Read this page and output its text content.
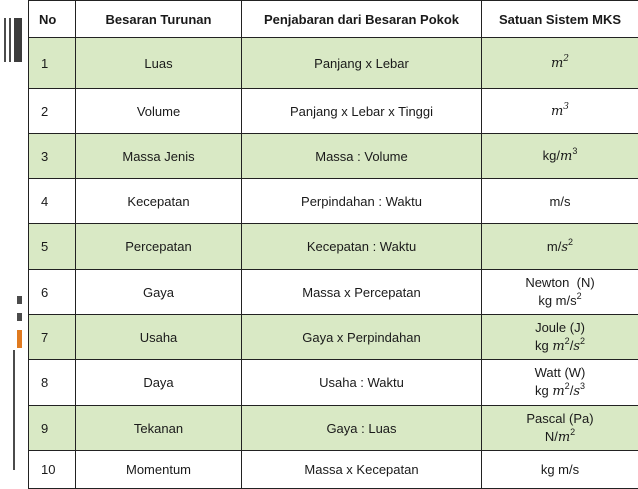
No	Besaran Turunan	Penjabaran dari Besaran Pokok	Satuan Sistem MKS
1	Luas	Panjang x Lebar	$m^2$
2	Volume	Panjang x Lebar x Tinggi	$m^3$
3	Massa Jenis	Massa : Volume	$kg/m^3$
4	Kecepatan	Perpindahan : Waktu	m/s
5	Percepatan	Kecepatan : Waktu	$m/s^2$
6	Gaya	Massa x Percepatan	Newton  (N)
kg $m/s^2$
7	Usaha	Gaya x Perpindahan	Joule (J)
kg $m^2/s^2$
8	Daya	Usaha : Waktu	Watt (W)
kg $m^2/s^3$
9	Tekanan	Gaya : Luas	Pascal (Pa)
$N/m^2$
10	Momentum	Massa x Kecepatan	kg m/s
